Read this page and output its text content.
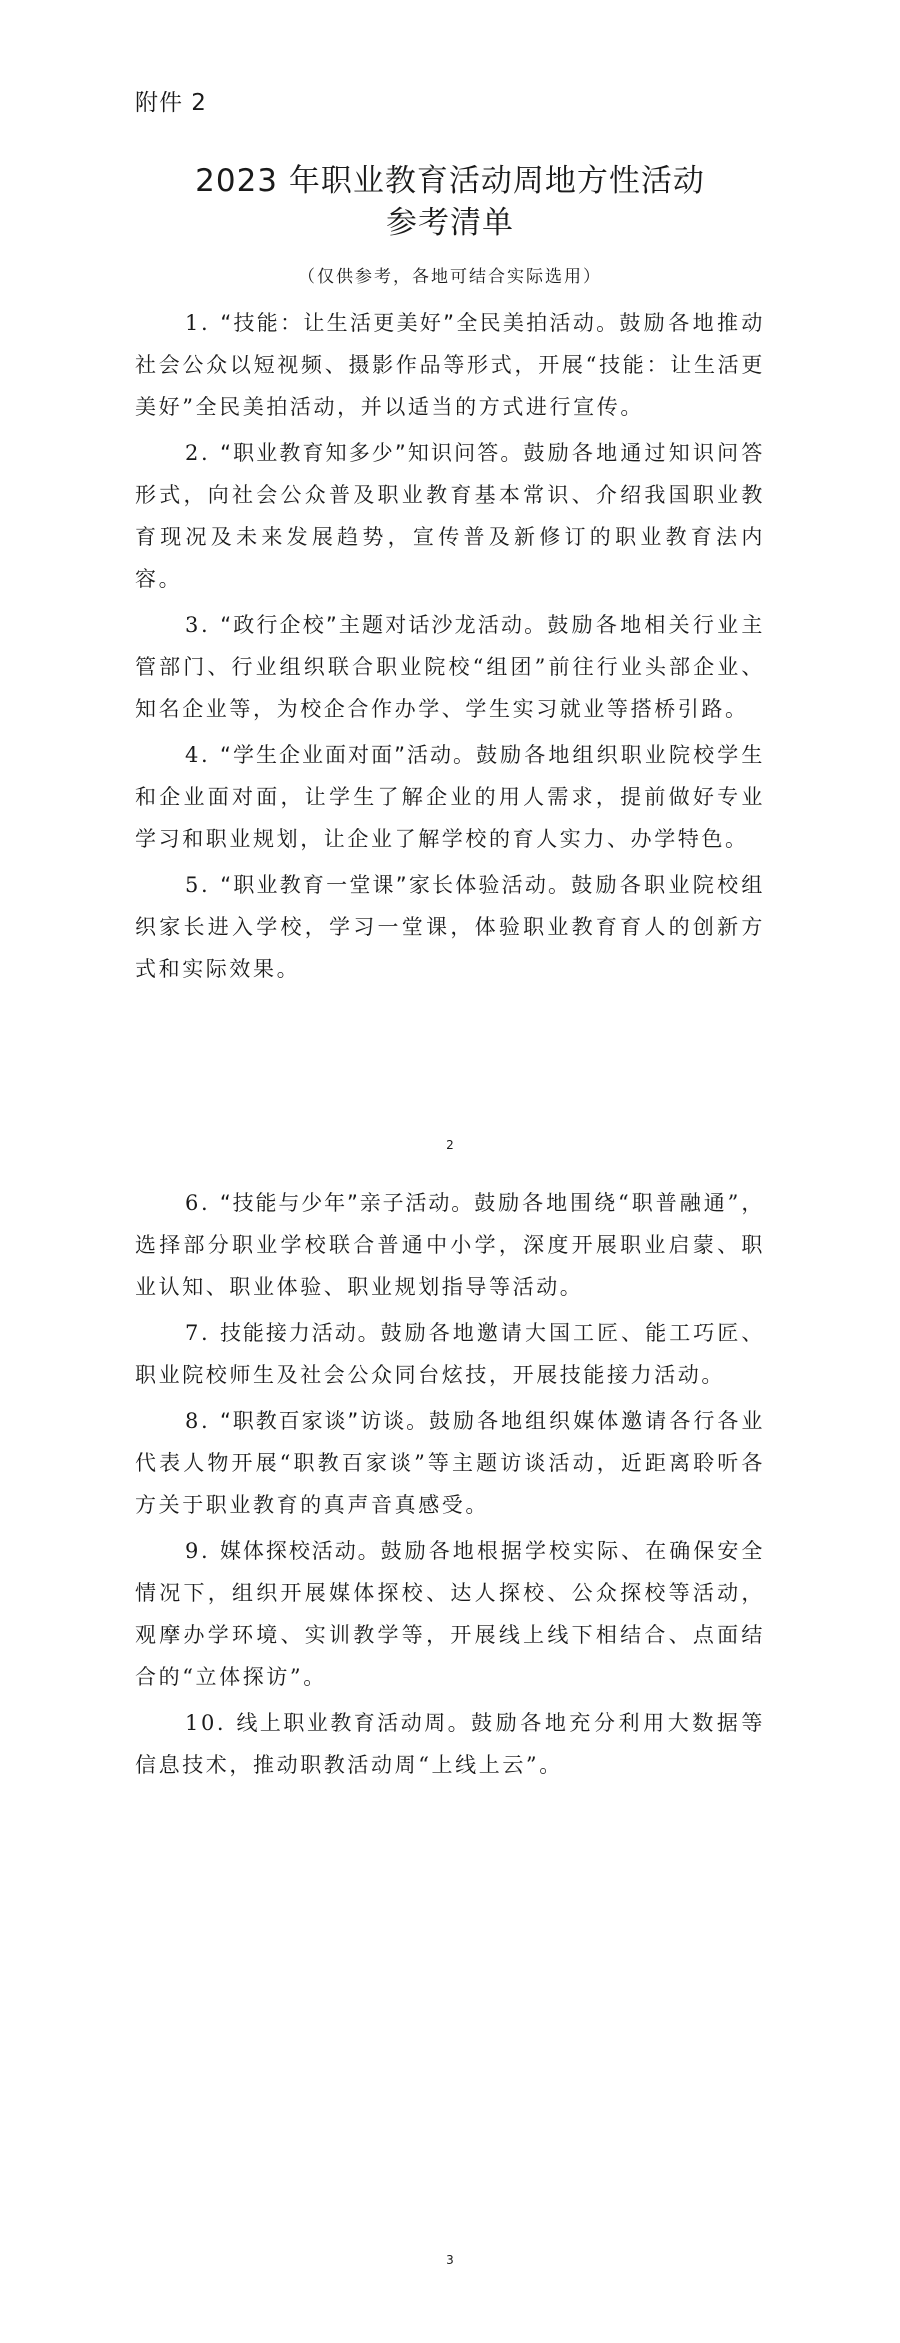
附件 2
2023 年职业教育活动周地方性活动
参考清单
（仅供参考，各地可结合实际选用）

1. “技能：让生活更美好”全民美拍活动。鼓励各地推动社会公众以短视频、摄影作品等形式，开展“技能：让生活更美好”全民美拍活动，并以适当的方式进行宣传。

2. “职业教育知多少”知识问答。鼓励各地通过知识问答形式，向社会公众普及职业教育基本常识、介绍我国职业教育现况及未来发展趋势，宣传普及新修订的职业教育法内容。

3. “政行企校”主题对话沙龙活动。鼓励各地相关行业主管部门、行业组织联合职业院校“组团”前往行业头部企业、知名企业等，为校企合作办学、学生实习就业等搭桥引路。

4. “学生企业面对面”活动。鼓励各地组织职业院校学生和企业面对面，让学生了解企业的用人需求，提前做好专业学习和职业规划，让企业了解学校的育人实力、办学特色。

5. “职业教育一堂课”家长体验活动。鼓励各职业院校组织家长进入学校，学习一堂课，体验职业教育育人的创新方式和实际效果。

2

6. “技能与少年”亲子活动。鼓励各地围绕“职普融通”，选择部分职业学校联合普通中小学，深度开展职业启蒙、职业认知、职业体验、职业规划指导等活动。

7. 技能接力活动。鼓励各地邀请大国工匠、能工巧匠、职业院校师生及社会公众同台炫技，开展技能接力活动。

8. “职教百家谈”访谈。鼓励各地组织媒体邀请各行各业代表人物开展“职教百家谈”等主题访谈活动，近距离聆听各方关于职业教育的真声音真感受。

9. 媒体探校活动。鼓励各地根据学校实际、在确保安全情况下，组织开展媒体探校、达人探校、公众探校等活动，观摩办学环境、实训教学等，开展线上线下相结合、点面结合的“立体探访”。

10. 线上职业教育活动周。鼓励各地充分利用大数据等信息技术，推动职教活动周“上线上云”。

3
